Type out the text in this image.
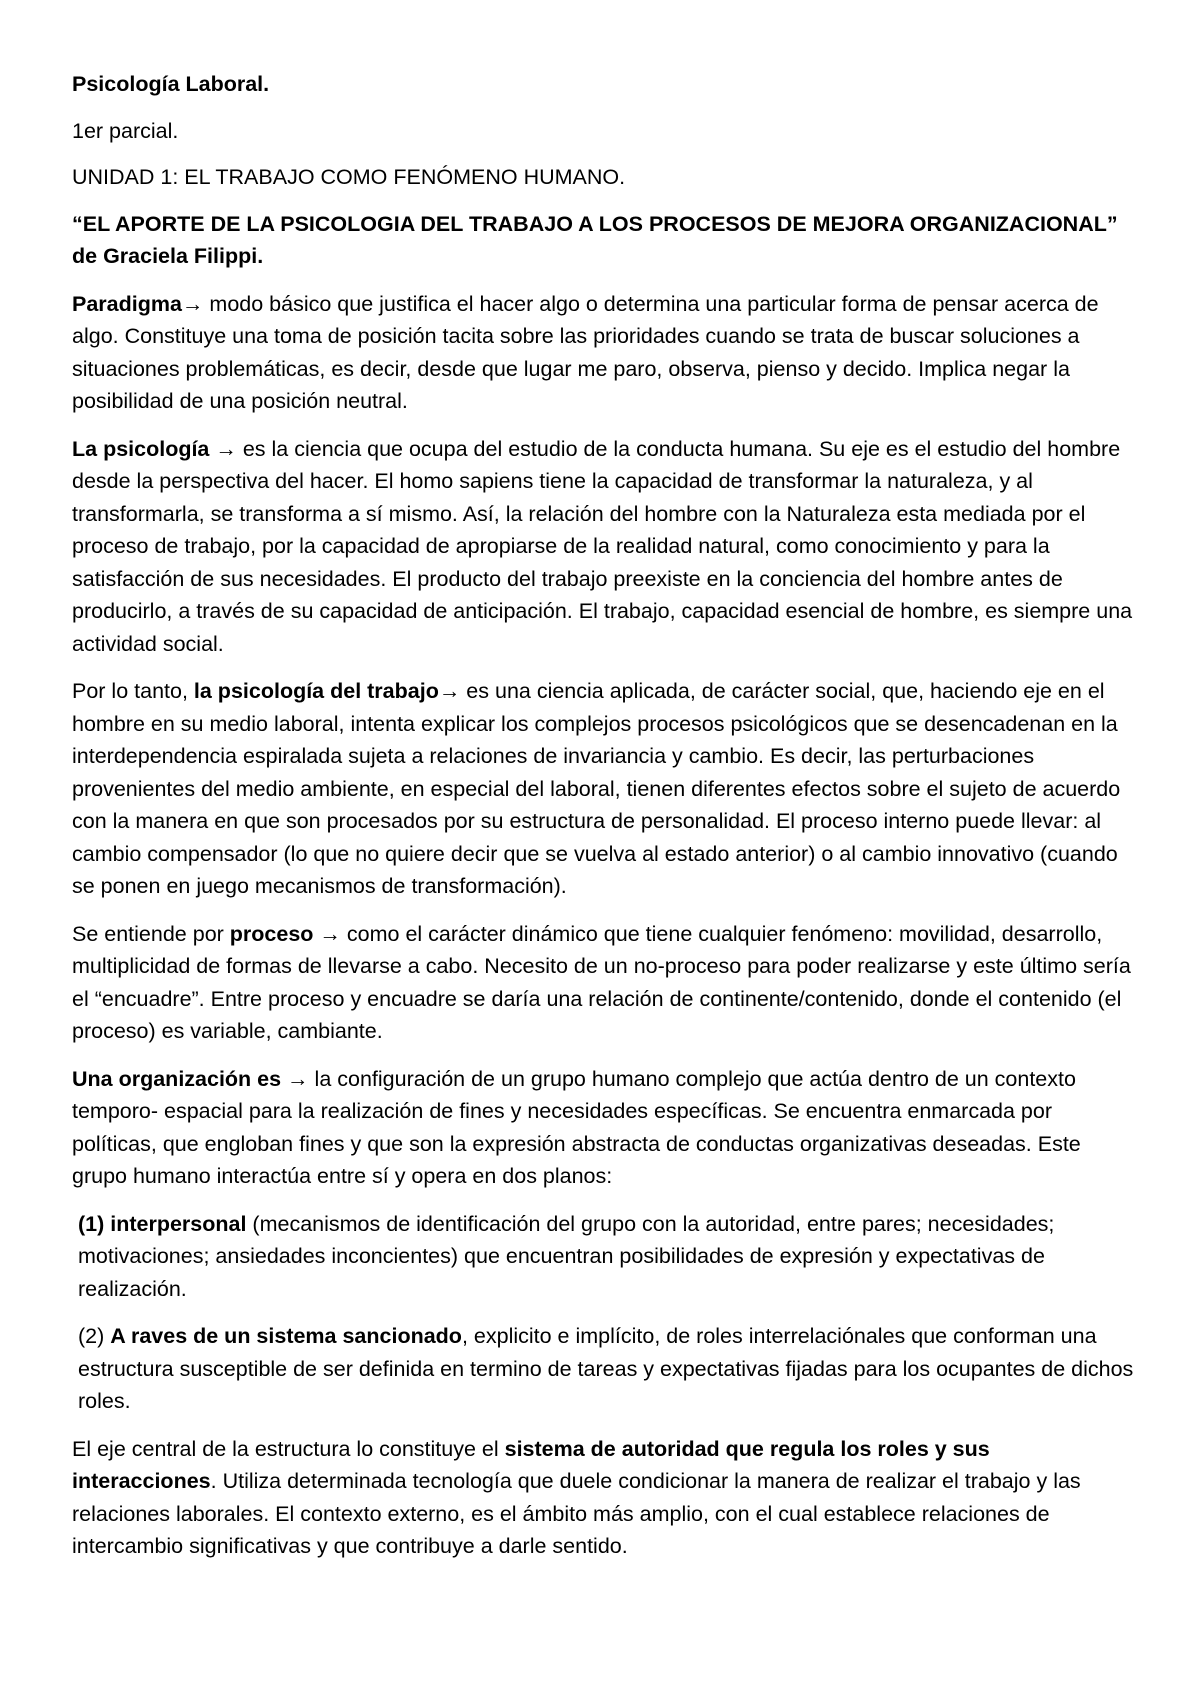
Psicología Laboral.

1er parcial.

UNIDAD 1: EL TRABAJO COMO FENÓMENO HUMANO.

“EL APORTE DE LA PSICOLOGIA DEL TRABAJO A LOS PROCESOS DE MEJORA ORGANIZACIONAL” de Graciela Filippi.

Paradigma→ modo básico que justifica el hacer algo o determina una particular forma de pensar acerca de algo. Constituye una toma de posición tacita sobre las prioridades cuando se trata de buscar soluciones a situaciones problemáticas, es decir, desde que lugar me paro, observa, pienso y decido. Implica negar la posibilidad de una posición neutral.

La psicología → es la ciencia que ocupa del estudio de la conducta humana. Su eje es el estudio del hombre desde la perspectiva del hacer. El homo sapiens tiene la capacidad de transformar la naturaleza, y al transformarla, se transforma a sí mismo. Así, la relación del hombre con la Naturaleza esta mediada por el proceso de trabajo, por la capacidad de apropiarse de la realidad natural, como conocimiento y para la satisfacción de sus necesidades. El producto del trabajo preexiste en la conciencia del hombre antes de producirlo, a través de su capacidad de anticipación. El trabajo, capacidad esencial de hombre, es siempre una actividad social.

Por lo tanto, la psicología del trabajo→ es una ciencia aplicada, de carácter social, que, haciendo eje en el hombre en su medio laboral, intenta explicar los complejos procesos psicológicos que se desencadenan en la interdependencia espiralada sujeta a relaciones de invariancia y cambio. Es decir, las perturbaciones provenientes del medio ambiente, en especial del laboral, tienen diferentes efectos sobre el sujeto de acuerdo con la manera en que son procesados por su estructura de personalidad. El proceso interno puede llevar: al cambio compensador (lo que no quiere decir que se vuelva al estado anterior) o al cambio innovativo (cuando se ponen en juego mecanismos de transformación).

Se entiende por proceso → como el carácter dinámico que tiene cualquier fenómeno: movilidad, desarrollo, multiplicidad de formas de llevarse a cabo. Necesito de un no-proceso para poder realizarse y este último sería el “encuadre”. Entre proceso y encuadre se daría una relación de continente/contenido, donde el contenido (el proceso) es variable, cambiante.

Una organización es → la configuración de un grupo humano complejo que actúa dentro de un contexto temporo- espacial para la realización de fines y necesidades específicas. Se encuentra enmarcada por políticas, que engloban fines y que son la expresión abstracta de conductas organizativas deseadas. Este grupo humano interactúa entre sí y opera en dos planos:

(1) interpersonal (mecanismos de identificación del grupo con la autoridad, entre pares; necesidades; motivaciones; ansiedades inconcientes) que encuentran posibilidades de expresión y expectativas de realización.

(2) A raves de un sistema sancionado, explicito e implícito, de roles interrelaciónales que conforman una estructura susceptible de ser definida en termino de tareas y expectativas fijadas para los ocupantes de dichos roles.

El eje central de la estructura lo constituye el sistema de autoridad que regula los roles y sus interacciones. Utiliza determinada tecnología que duele condicionar la manera de realizar el trabajo y las relaciones laborales. El contexto externo, es el ámbito más amplio, con el cual establece relaciones de intercambio significativas y que contribuye a darle sentido.
